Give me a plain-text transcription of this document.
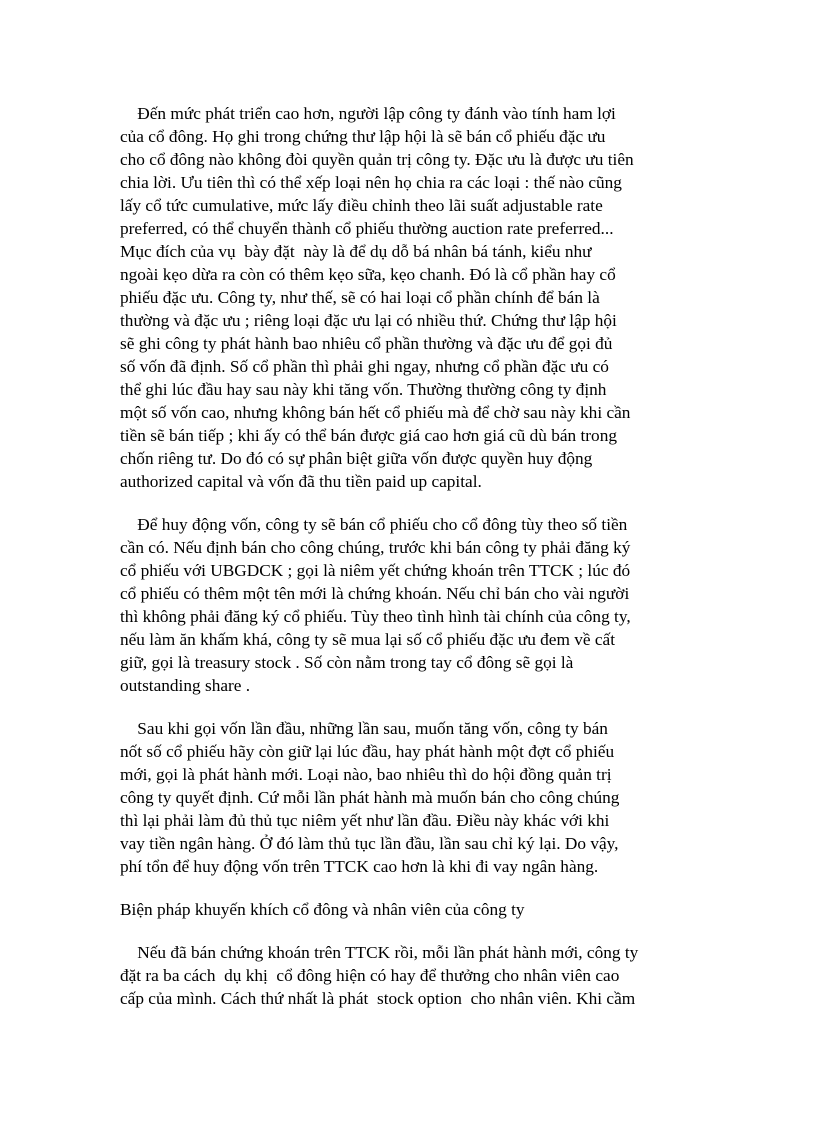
Đến mức phát triển cao hơn, người lập công ty đánh vào tính ham lợi
của cổ đông. Họ ghi trong chứng thư lập hội là sẽ bán cổ phiếu đặc ưu
cho cổ đông nào không đòi quyền quản trị công ty. Đặc ưu là được ưu tiên
chia lời. Ưu tiên thì có thể xếp loại nên họ chia ra các loại : thế nào cũng
lấy cổ tức cumulative, mức lấy điều chỉnh theo lãi suất adjustable rate
preferred, có thể chuyển thành cổ phiếu thường auction rate preferred...
Mục đích của vụ  bày đặt  này là để dụ dỗ bá nhân bá tánh, kiểu như
ngoài kẹo dừa ra còn có thêm kẹo sữa, kẹo chanh. Đó là cổ phần hay cổ
phiếu đặc ưu. Công ty, như thế, sẽ có hai loại cổ phần chính để bán là
thường và đặc ưu ; riêng loại đặc ưu lại có nhiều thứ. Chứng thư lập hội
sẽ ghi công ty phát hành bao nhiêu cổ phần thường và đặc ưu để gọi đủ
số vốn đã định. Số cổ phần thì phải ghi ngay, nhưng cổ phần đặc ưu có
thể ghi lúc đầu hay sau này khi tăng vốn. Thường thường công ty định
một số vốn cao, nhưng không bán hết cổ phiếu mà để chờ sau này khi cần
tiền sẽ bán tiếp ; khi ấy có thể bán được giá cao hơn giá cũ dù bán trong
chốn riêng tư. Do đó có sự phân biệt giữa vốn được quyền huy động
authorized capital và vốn đã thu tiền paid up capital.
Để huy động vốn, công ty sẽ bán cổ phiếu cho cổ đông tùy theo số tiền
cần có. Nếu định bán cho công chúng, trước khi bán công ty phải đăng ký
cổ phiếu với UBGDCK ; gọi là niêm yết chứng khoán trên TTCK ; lúc đó
cổ phiếu có thêm một tên mới là chứng khoán. Nếu chỉ bán cho vài người
thì không phải đăng ký cổ phiếu. Tùy theo tình hình tài chính của công ty,
nếu làm ăn khấm khá, công ty sẽ mua lại số cổ phiếu đặc ưu đem về cất
giữ, gọi là treasury stock . Số còn nằm trong tay cổ đông sẽ gọi là
outstanding share .
Sau khi gọi vốn lần đầu, những lần sau, muốn tăng vốn, công ty bán
nốt số cổ phiếu hãy còn giữ lại lúc đầu, hay phát hành một đợt cổ phiếu
mới, gọi là phát hành mới. Loại nào, bao nhiêu thì do hội đồng quản trị
công ty quyết định. Cứ mỗi lần phát hành mà muốn bán cho công chúng
thì lại phải làm đủ thủ tục niêm yết như lần đầu. Điều này khác với khi
vay tiền ngân hàng. Ở đó làm thủ tục lần đầu, lần sau chỉ ký lại. Do vậy,
phí tổn để huy động vốn trên TTCK cao hơn là khi đi vay ngân hàng.
Biện pháp khuyến khích cổ đông và nhân viên của công ty
Nếu đã bán chứng khoán trên TTCK rồi, mỗi lần phát hành mới, công ty
đặt ra ba cách  dụ khị  cổ đông hiện có hay để thưởng cho nhân viên cao
cấp của mình. Cách thứ nhất là phát  stock option  cho nhân viên. Khi cầm
